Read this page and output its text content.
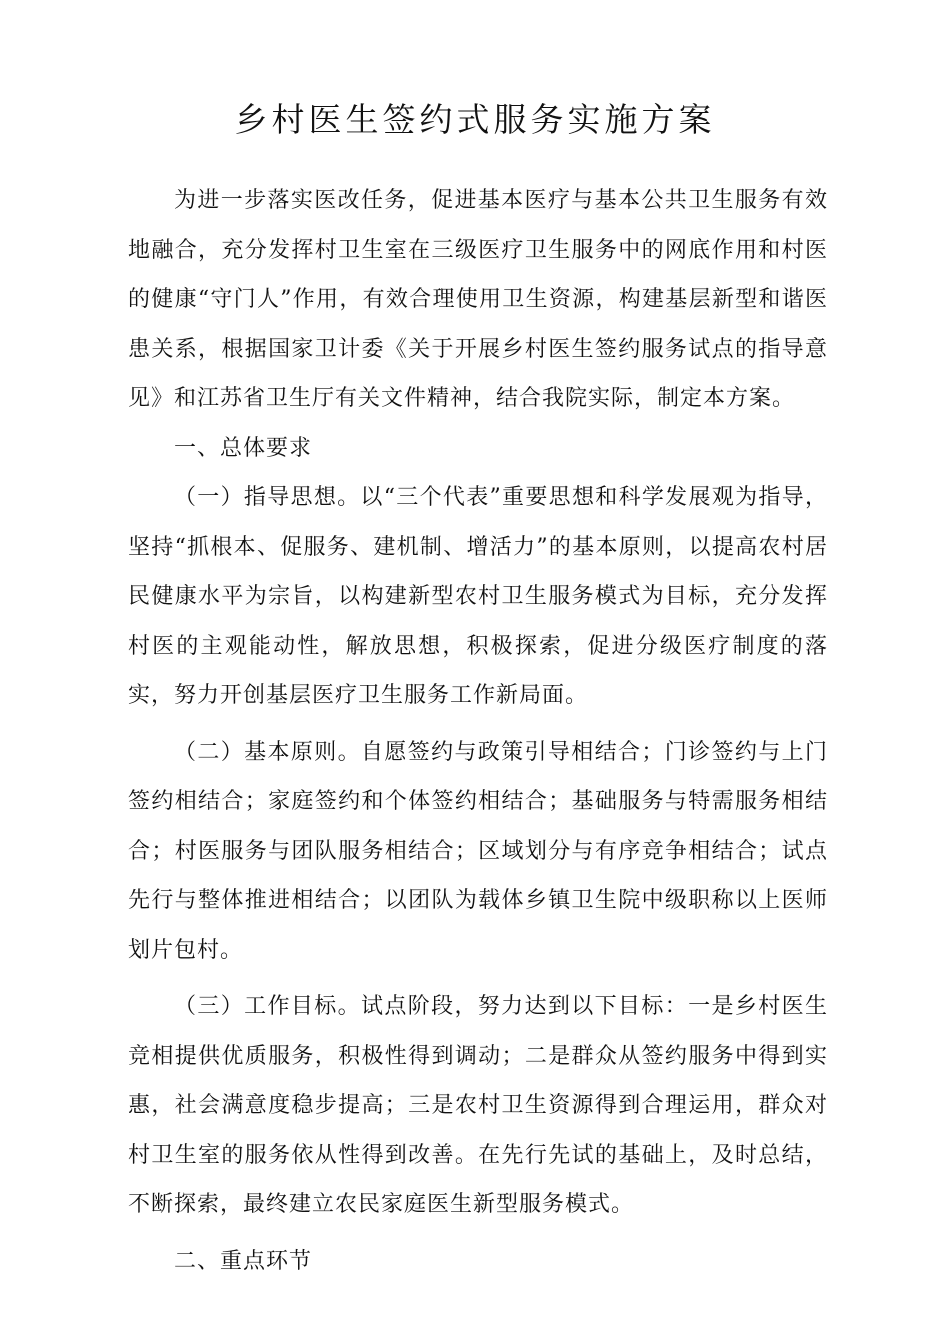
乡村医生签约式服务实施方案

为进一步落实医改任务，促进基本医疗与基本公共卫生服务有效地融合，充分发挥村卫生室在三级医疗卫生服务中的网底作用和村医的健康“守门人”作用，有效合理使用卫生资源，构建基层新型和谐医患关系，根据国家卫计委《关于开展乡村医生签约服务试点的指导意见》和江苏省卫生厅有关文件精神，结合我院实际，制定本方案。

一、总体要求

（一）指导思想。以“三个代表”重要思想和科学发展观为指导，坚持“抓根本、促服务、建机制、增活力”的基本原则，以提高农村居民健康水平为宗旨，以构建新型农村卫生服务模式为目标，充分发挥村医的主观能动性，解放思想，积极探索，促进分级医疗制度的落实，努力开创基层医疗卫生服务工作新局面。

（二）基本原则。自愿签约与政策引导相结合；门诊签约与上门签约相结合；家庭签约和个体签约相结合；基础服务与特需服务相结合；村医服务与团队服务相结合；区域划分与有序竞争相结合；试点先行与整体推进相结合；以团队为载体乡镇卫生院中级职称以上医师划片包村。

（三）工作目标。试点阶段，努力达到以下目标：一是乡村医生竞相提供优质服务，积极性得到调动；二是群众从签约服务中得到实惠，社会满意度稳步提高；三是农村卫生资源得到合理运用，群众对村卫生室的服务依从性得到改善。在先行先试的基础上，及时总结，不断探索，最终建立农民家庭医生新型服务模式。

二、重点环节
